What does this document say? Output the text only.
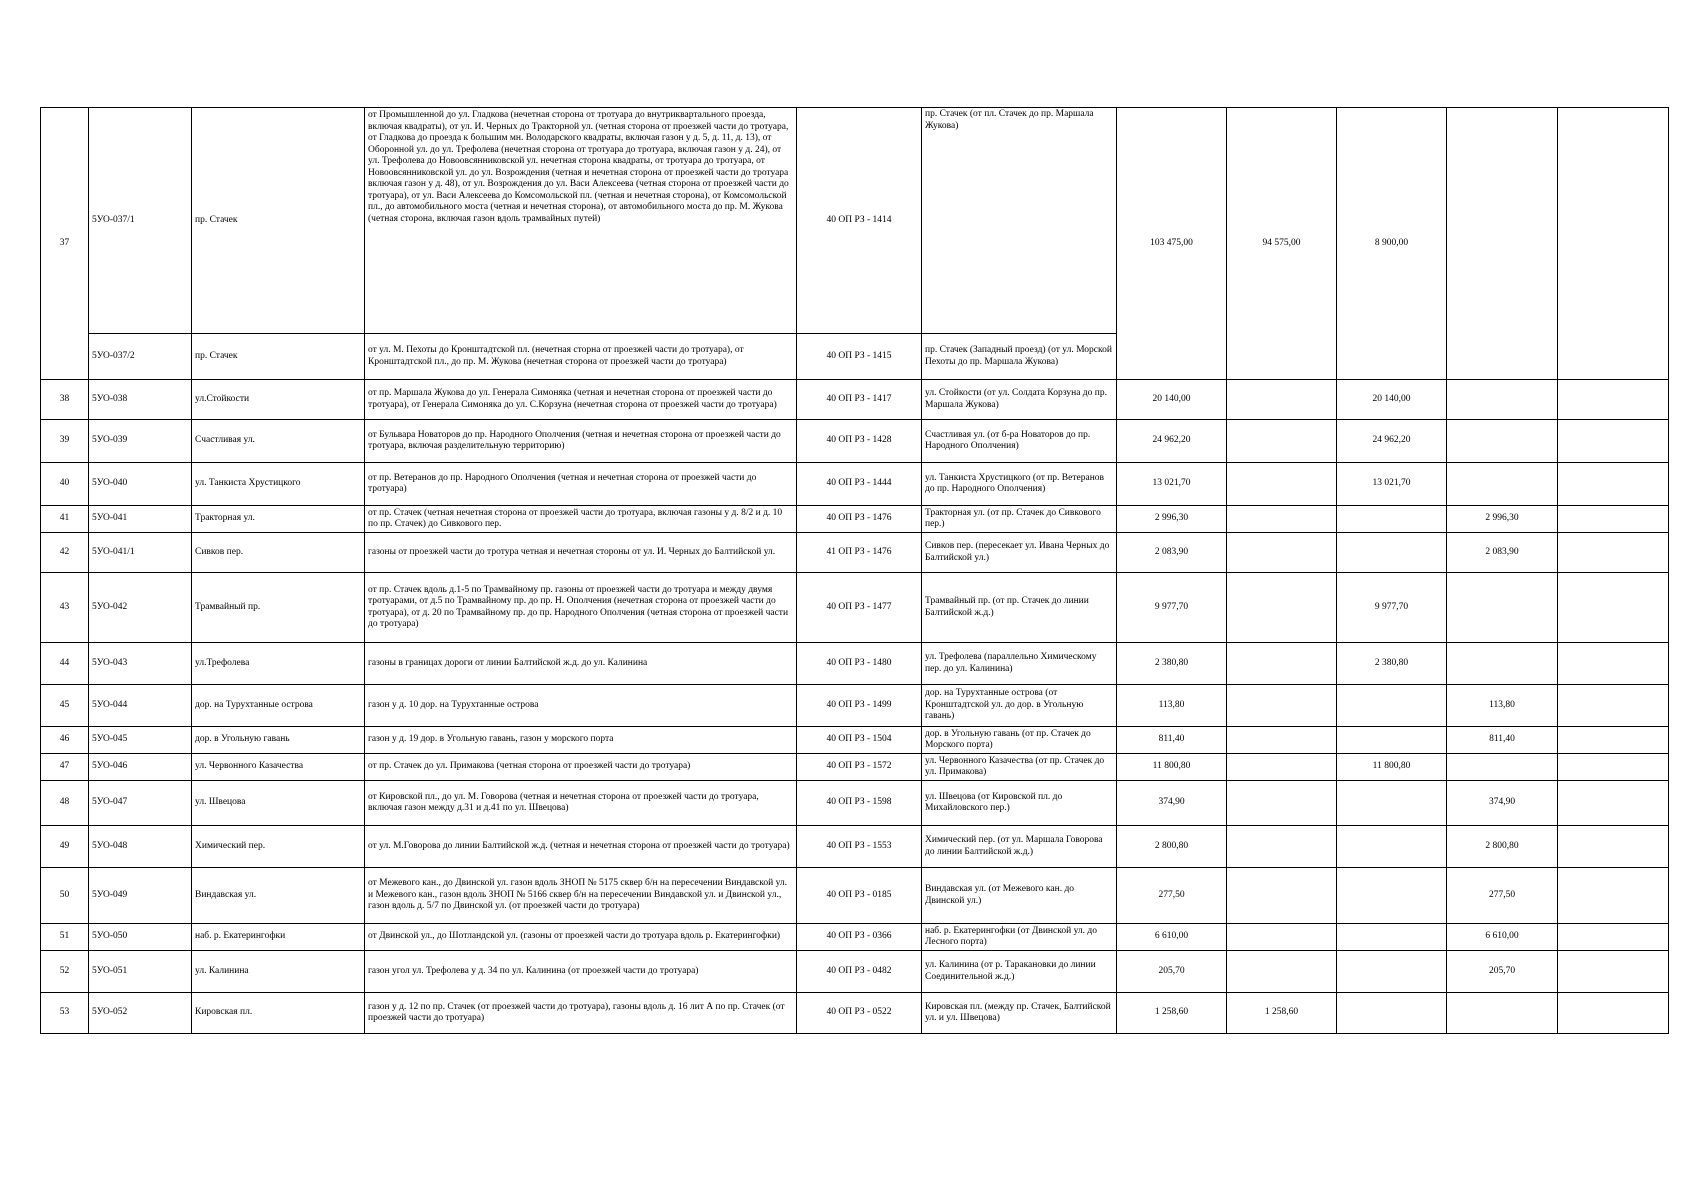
37	5УО-037/1	пр. Стачек	от Промышленной до ул. Гладкова (нечетная сторона от тротуара до внутриквартального проезда, включая квадраты), от ул. И. Черных до Тракторной ул. (четная сторона от проезжей части до тротуара, от Гладкова до проезда к большим мн. Володарского квадраты, включая газон у д. 5, д. 11, д. 13), от Оборонной ул. до ул. Трефолева (нечетная сторона от тротуара до тротуара, включая газон у д. 24), от ул. Трефолева до Новоовсянниковской ул. нечетная сторона квадраты, от тротуара до тротуара, от Новоовсянниковской ул. до ул. Возрождения (четная и нечетная сторона от проезжей части до тротуара включая газон у д. 48), от ул. Возрождения до ул. Васи Алексеева (четная сторона от проезжей части до тротуара), от ул. Васи Алексеева до Комсомольской пл. (четная и нечетная сторона), от Комсомольской пл., до автомобильного моста (четная и нечетная сторона), от автомобильного моста до пр. М. Жукова (четная сторона, включая газон вдоль трамвайных путей)	40 ОП РЗ - 1414	пр. Стачек (от пл. Стачек до пр. Маршала Жукова)	103 475,00	94 575,00	8 900,00		
	5УО-037/2	пр. Стачек	от ул. М. Пехоты до Кронштадтской пл. (нечетная сторна от проезжей части до тротуара), от Кронштадтской пл., до пр. М. Жукова (нечетная сторона от проезжей части до тротуара)	40 ОП РЗ - 1415	пр. Стачек (Западный проезд) (от ул. Морской Пехоты до пр. Маршала Жукова)					
38	5УО-038	ул.Стойкости	от пр. Маршала Жукова до ул. Генерала Симоняка (четная и нечетная сторона от проезжей части до тротуара), от Генерала Симоняка до ул. С.Корзуна (нечетная сторона от проезжей части до тротуара)	40 ОП РЗ - 1417	ул. Стойкости (от ул. Солдата Корзуна до пр. Маршала Жукова)	20 140,00		20 140,00		
39	5УО-039	Счастливая ул.	от Бульвара Новаторов до пр. Народного Ополчения (четная и нечетная сторона от проезжей части до тротуара, включая разделительную территорию)	40 ОП РЗ - 1428	Счастливая ул. (от б-ра Новаторов до пр. Народного Ополчения)	24 962,20		24 962,20		
40	5УО-040	ул. Танкиста Хрустицкого	от пр. Ветеранов до пр. Народного Ополчения (четная и нечетная сторона от проезжей части до тротуара)	40 ОП РЗ - 1444	ул. Танкиста Хрустицкого (от пр. Ветеранов до пр. Народного Ополчения)	13 021,70		13 021,70		
41	5УО-041	Тракторная ул.	от пр. Стачек (четная нечетная сторона от проезжей части до тротуара, включая газоны у д. 8/2 и д. 10 по пр. Стачек) до Сивкового пер.	40 ОП РЗ - 1476	Тракторная ул. (от пр. Стачек до Сивкового пер.)	2 996,30			2 996,30	
42	5УО-041/1	Сивков пер.	газоны от проезжей части до тротура четная и нечетная стороны от ул. И. Черных до Балтийской ул.	41 ОП РЗ - 1476	Сивков пер. (пересекает ул. Ивана Черных до Балтийской ул.)	2 083,90			2 083,90	
43	5УО-042	Трамвайный пр.	от пр. Стачек вдоль д.1-5 по Трамвайному пр. газоны от проезжей части до тротуара и между двумя тротуарами, от д.5 по Трамвайному пр. до пр. Н. Ополчения (нечетная сторона от проезжей части до тротуара), от д. 20 по Трамвайному пр. до пр. Народного Ополчения (четная сторона от проезжей части до тротуара)	40 ОП РЗ - 1477	Трамвайный пр. (от пр. Стачек до линии Балтийской ж.д.)	9 977,70		9 977,70		
44	5УО-043	ул.Трефолева	газоны в границах дороги от линии Балтийской ж.д. до ул. Калинина	40 ОП РЗ - 1480	ул. Трефолева (параллельно Химическому пер. до ул. Калинина)	2 380,80		2 380,80		
45	5УО-044	дор. на Турухтанные острова	газон у д. 10 дор. на Турухтанные острова	40 ОП РЗ - 1499	дор. на Турухтанные острова (от Кронштадтской ул. до дор. в Угольную гавань)	113,80			113,80	
46	5УО-045	дор. в Угольную гавань	газон у д. 19 дор. в Угольную гавань, газон у морского порта	40 ОП РЗ - 1504	дор. в Угольную гавань (от пр. Стачек до Морского порта)	811,40			811,40	
47	5УО-046	ул. Червонного Казачества	от пр. Стачек до ул. Примакова (четная сторона от проезжей части до тротуара)	40 ОП РЗ - 1572	ул. Червонного Казачества (от пр. Стачек до ул. Примакова)	11 800,80		11 800,80		
48	5УО-047	ул. Швецова	от Кировской пл., до ул. М. Говорова (четная и нечетная сторона от проезжей части до тротуара, включая газон между д.31 и д.41 по ул. Швецова)	40 ОП РЗ - 1598	ул. Швецова (от Кировской пл. до Михайловского пер.)	374,90			374,90	
49	5УО-048	Химический пер.	от ул. М.Говорова до линии Балтийской ж.д. (четная и нечетная сторона от проезжей части до тротуара)	40 ОП РЗ - 1553	Химический пер. (от ул. Маршала Говорова до линии Балтийской ж.д.)	2 800,80			2 800,80	
50	5УО-049	Виндавская ул.	от Межевого кан., до Двинской ул. газон вдоль ЗНОП № 5175 сквер б/н на пересечении Виндавской ул. и Межевого кан., газон вдоль ЗНОП № 5166 сквер б/н на пересечении Виндавской ул. и Двинской ул., газон вдоль д. 5/7 по Двинской ул. (от проезжей части до тротуара)	40 ОП РЗ - 0185	Виндавская ул. (от Межевого кан. до Двинской ул.)	277,50			277,50	
51	5УО-050	наб. р. Екатерингофки	от Двинской ул., до Шотландской ул. (газоны от проезжей части до тротуара вдоль р. Екатерингофки)	40 ОП РЗ - 0366	наб. р. Екатерингофки (от Двинской ул. до Лесного порта)	6 610,00			6 610,00	
52	5УО-051	ул. Калинина	газон угол ул. Трефолева у д. 34 по ул. Калинина (от проезжей части до тротуара)	40 ОП РЗ - 0482	ул. Калинина (от р. Таракановки до линии Соединительной ж.д.)	205,70			205,70	
53	5УО-052	Кировская пл.	газон у д. 12 по пр. Стачек (от проезжей части до тротуара), газоны вдоль д. 16 лит А по пр. Стачек (от проезжей части до тротуара)	40 ОП РЗ - 0522	Кировская пл. (между пр. Стачек, Балтийской ул. и ул. Швецова)	1 258,60	1 258,60			
